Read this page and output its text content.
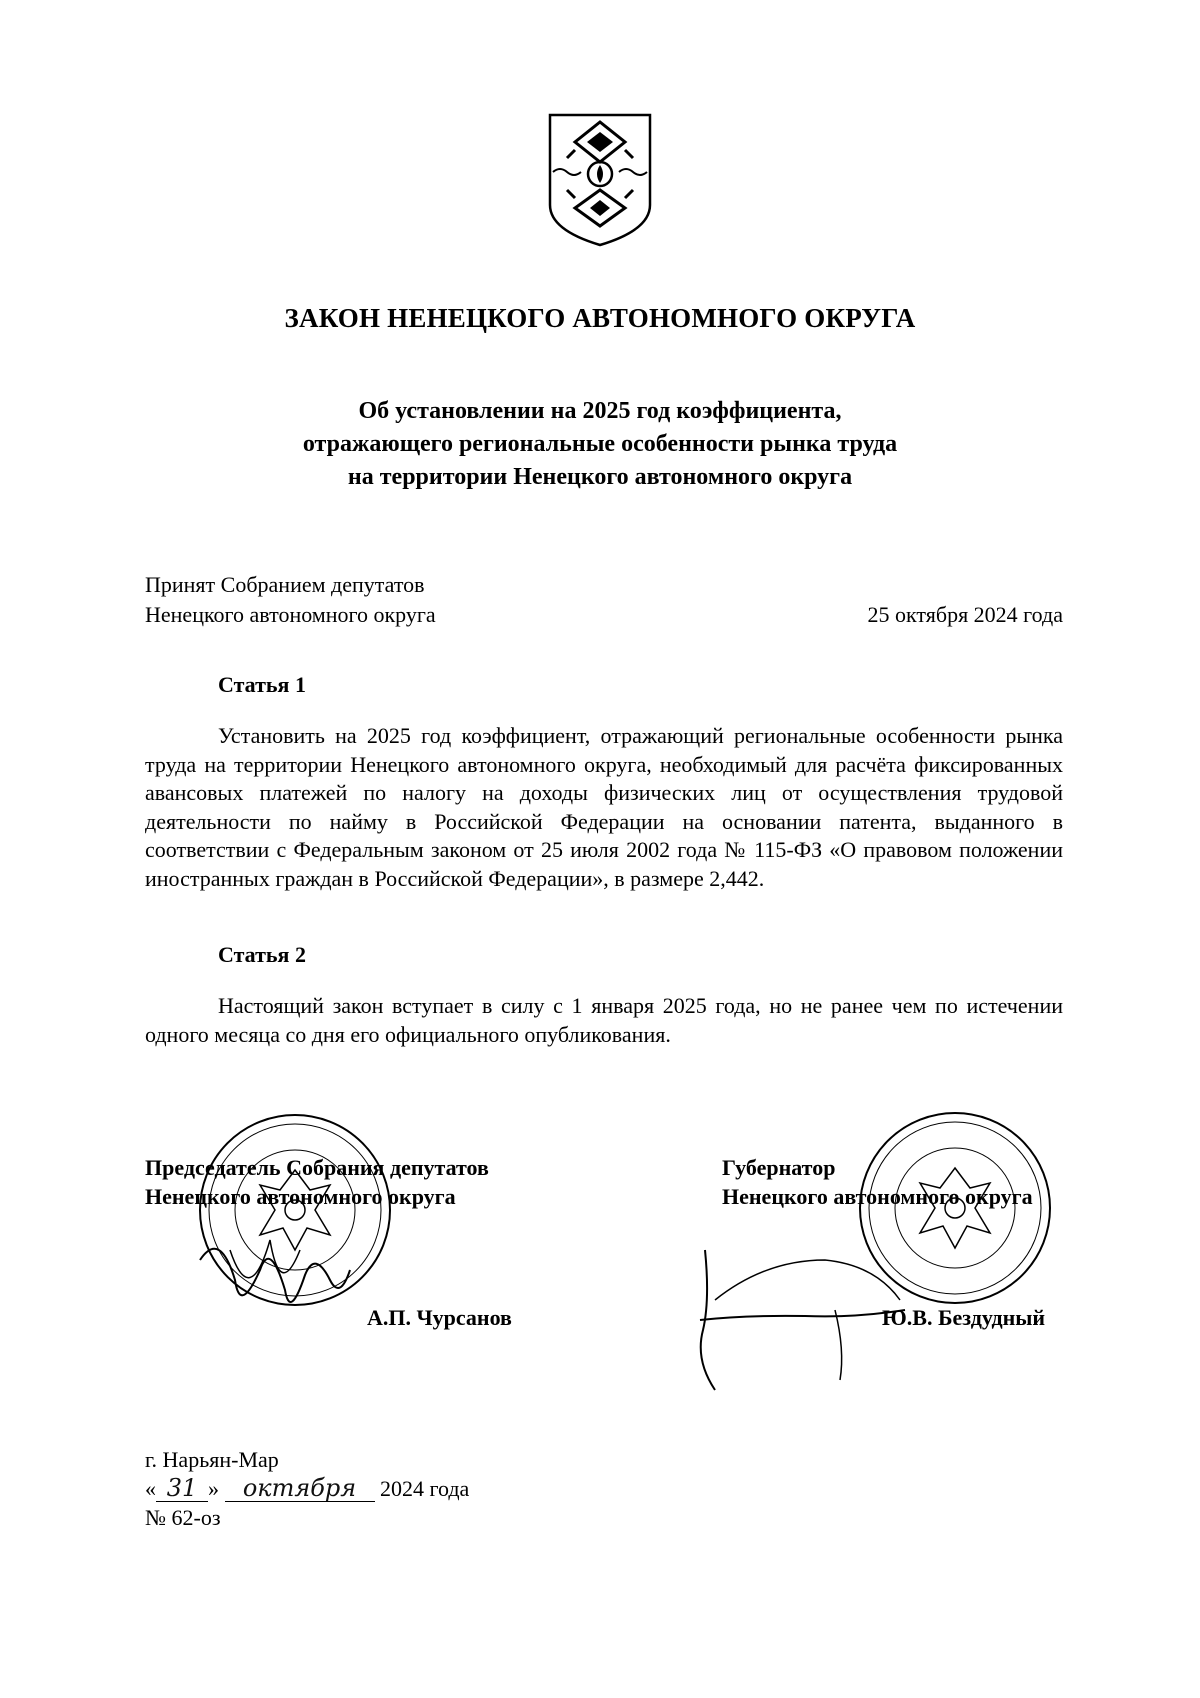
ЗАКОН НЕНЕЦКОГО АВТОНОМНОГО ОКРУГА
Об установлении на 2025 год коэффициента,
отражающего региональные особенности рынка труда
на территории Ненецкого автономного округа
Принят Собранием депутатов
Ненецкого автономного округа	25 октября 2024 года
Статья 1

Установить на 2025 год коэффициент, отражающий региональные особенности рынка труда на территории Ненецкого автономного округа, необходимый для расчёта фиксированных авансовых платежей по налогу на доходы физических лиц от осуществления трудовой деятельности по найму в Российской Федерации на основании патента, выданного в соответствии с Федеральным законом от 25 июля 2002 года № 115-ФЗ «О правовом положении иностранных граждан в Российской Федерации», в размере 2,442.

Статья 2

Настоящий закон вступает в силу с 1 января 2025 года, но не ранее чем по истечении одного месяца со дня его официального опубликования.

Председатель Собрания депутатов
Ненецкого автономного округа
А.П. Чурсанов
Губернатор
Ненецкого автономного округа
Ю.В. Бездудный
г. Нарьян-Мар
« 31 » октября 2024 года
№ 62-оз
